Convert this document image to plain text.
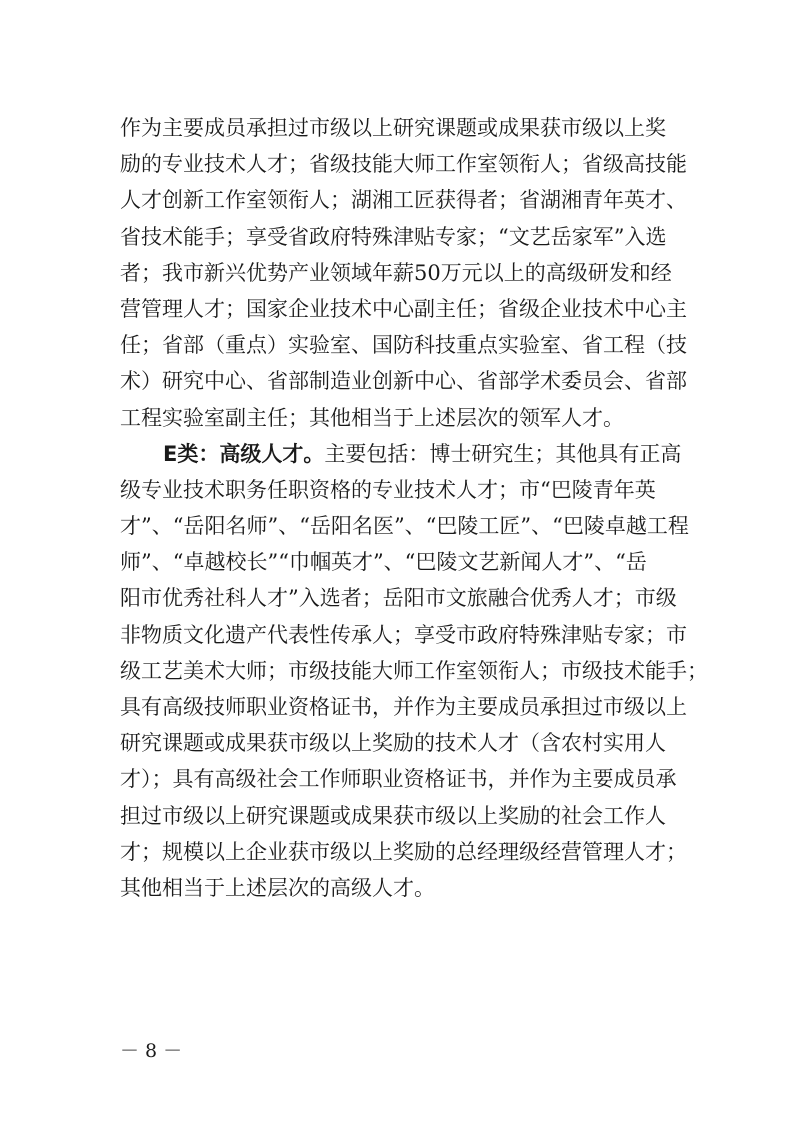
作为主要成员承担过市级以上研究课题或成果获市级以上奖
励的专业技术人才；省级技能大师工作室领衔人；省级高技能
人才创新工作室领衔人；湖湘工匠获得者；省湖湘青年英才、
省技术能手；享受省政府特殊津贴专家；“文艺岳家军”入选
者；我市新兴优势产业领域年薪50万元以上的高级研发和经
营管理人才；国家企业技术中心副主任；省级企业技术中心主
任；省部（重点）实验室、国防科技重点实验室、省工程（技
术）研究中心、省部制造业创新中心、省部学术委员会、省部
工程实验室副主任；其他相当于上述层次的领军人才。
E类：高级人才。主要包括：博士研究生；其他具有正高
级专业技术职务任职资格的专业技术人才；市“巴陵青年英
才”、“岳阳名师”、“岳阳名医”、“巴陵工匠”、“巴陵卓越工程
师”、“卓越校长”“巾帼英才”、“巴陵文艺新闻人才”、“岳
阳市优秀社科人才”入选者；岳阳市文旅融合优秀人才；市级
非物质文化遗产代表性传承人；享受市政府特殊津贴专家；市
级工艺美术大师；市级技能大师工作室领衔人；市级技术能手；
具有高级技师职业资格证书，并作为主要成员承担过市级以上
研究课题或成果获市级以上奖励的技术人才（含农村实用人
才）；具有高级社会工作师职业资格证书，并作为主要成员承
担过市级以上研究课题或成果获市级以上奖励的社会工作人
才；规模以上企业获市级以上奖励的总经理级经营管理人才；
其他相当于上述层次的高级人才。
－ 8 －
